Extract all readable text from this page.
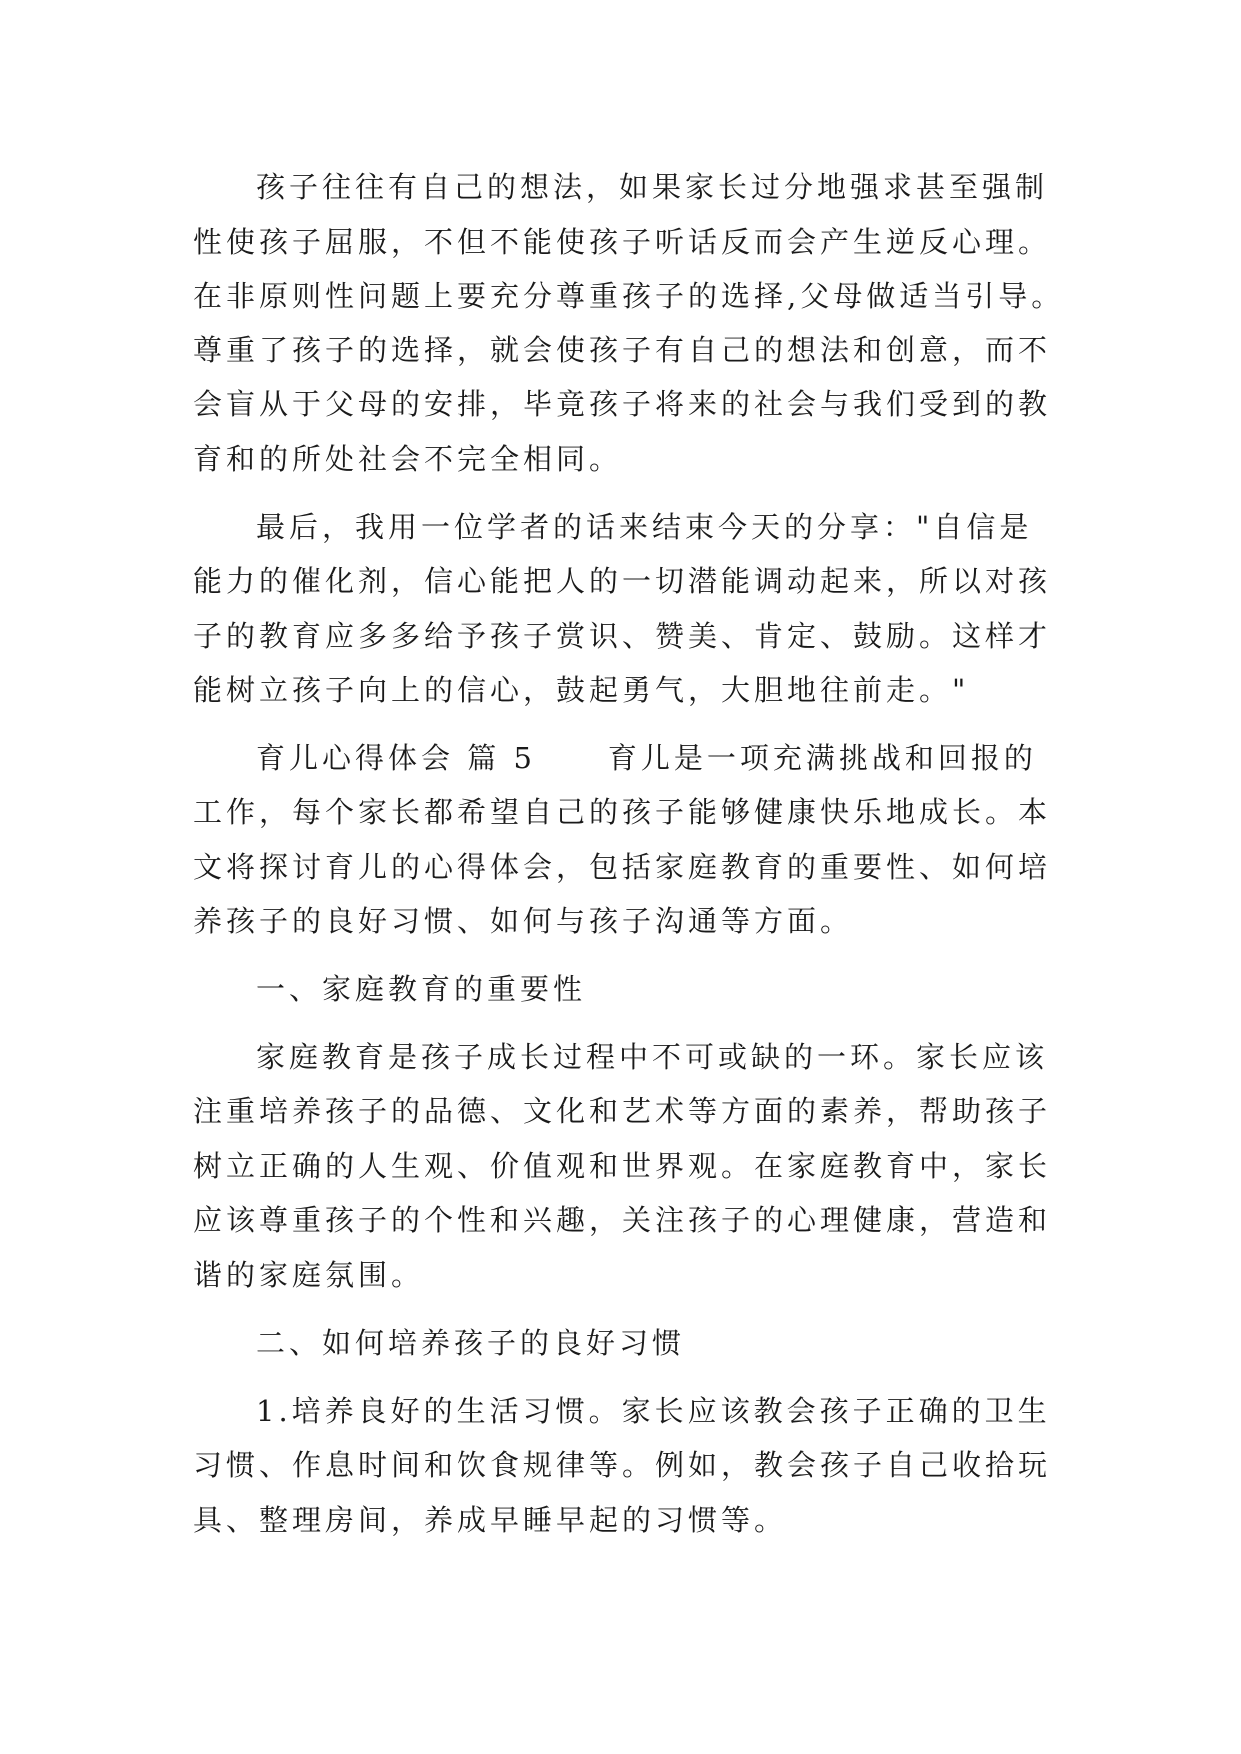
孩子往往有自己的想法，如果家长过分地强求甚至强制

性使孩子屈服，不但不能使孩子听话反而会产生逆反心理。

在非原则性问题上要充分尊重孩子的选择,父母做适当引导。

尊重了孩子的选择，就会使孩子有自己的想法和创意，而不

会盲从于父母的安排，毕竟孩子将来的社会与我们受到的教

育和的所处社会不完全相同。

最后，我用一位学者的话来结束今天的分享："自信是

能力的催化剂，信心能把人的一切潜能调动起来，所以对孩

子的教育应多多给予孩子赏识、赞美、肯定、鼓励。这样才

能树立孩子向上的信心，鼓起勇气，大胆地往前走。"

育儿心得体会 篇 5 育儿是一项充满挑战和回报的

工作，每个家长都希望自己的孩子能够健康快乐地成长。本

文将探讨育儿的心得体会，包括家庭教育的重要性、如何培

养孩子的良好习惯、如何与孩子沟通等方面。

一、家庭教育的重要性

家庭教育是孩子成长过程中不可或缺的一环。家长应该

注重培养孩子的品德、文化和艺术等方面的素养，帮助孩子

树立正确的人生观、价值观和世界观。在家庭教育中，家长

应该尊重孩子的个性和兴趣，关注孩子的心理健康，营造和

谐的家庭氛围。

二、如何培养孩子的良好习惯

1.培养良好的生活习惯。家长应该教会孩子正确的卫生

习惯、作息时间和饮食规律等。例如，教会孩子自己收拾玩

具、整理房间，养成早睡早起的习惯等。
